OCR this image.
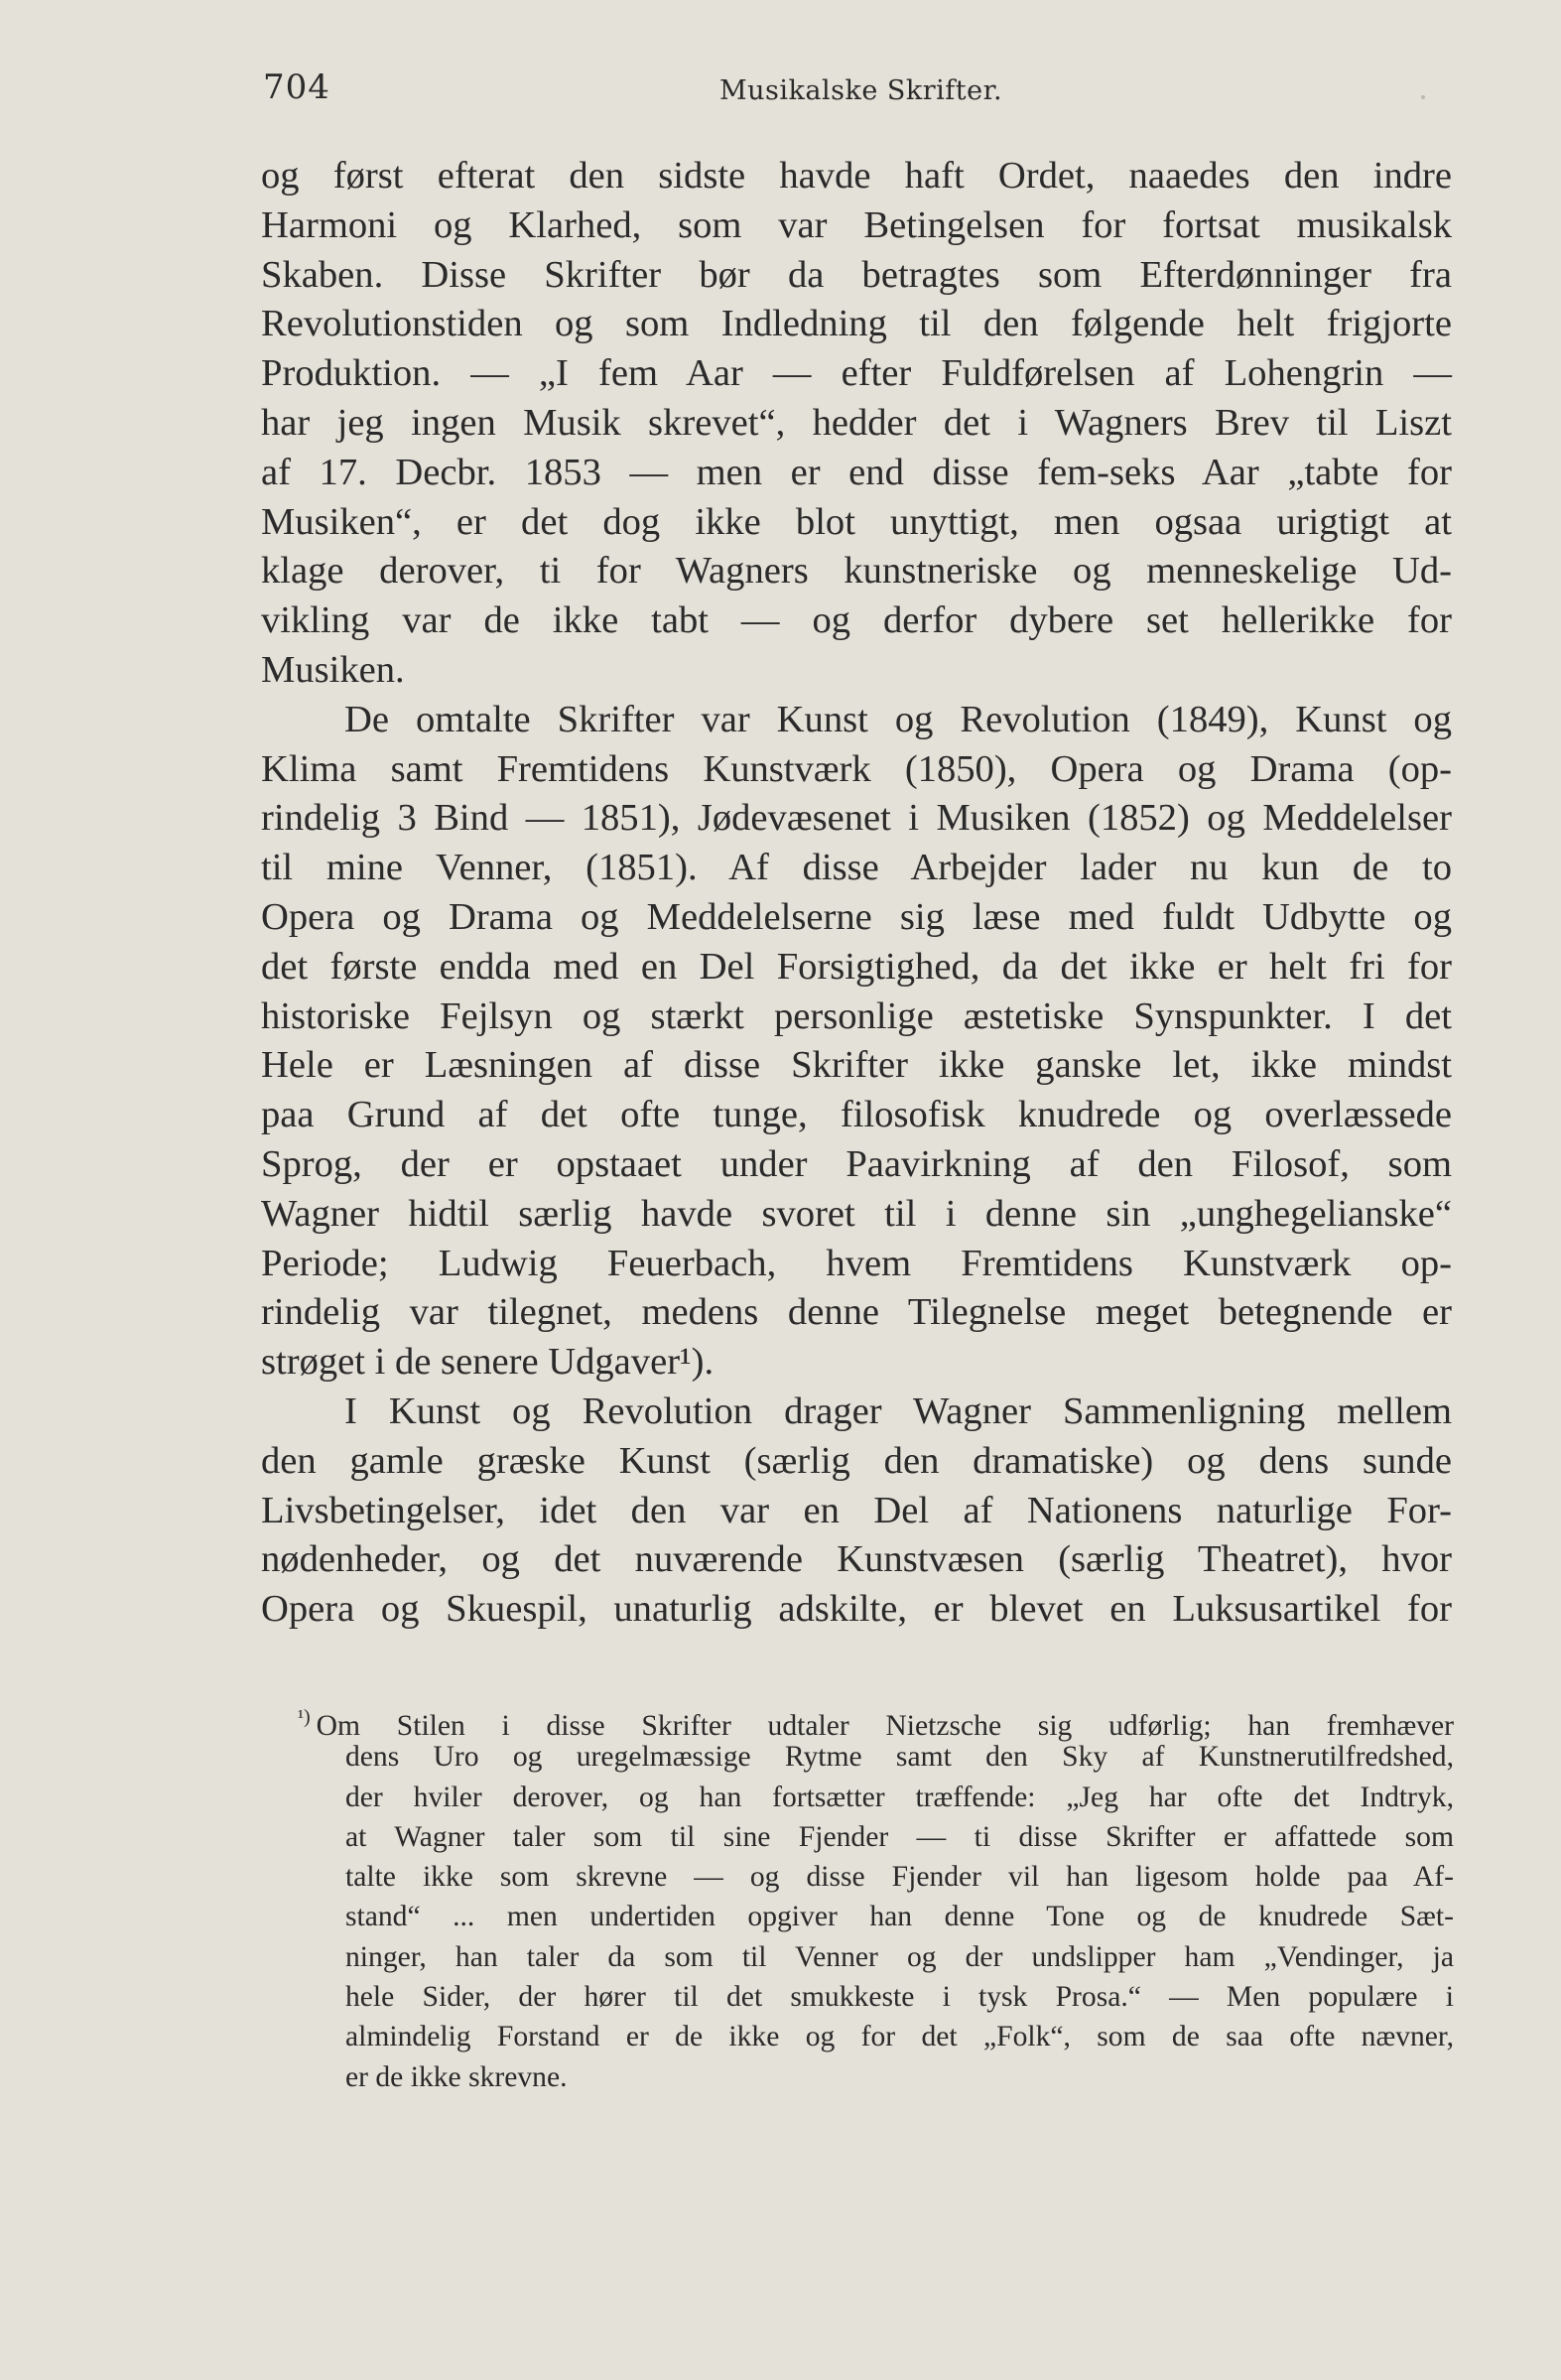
704	Musikalske Skrifter.
og først efterat den sidste havde haft Ordet, naaedes den indre
Harmoni og Klarhed, som var Betingelsen for fortsat musikalsk
Skaben. Disse Skrifter bør da betragtes som Efterdønninger fra
Revolutionstiden og som Indledning til den følgende helt frigjorte
Produktion. — „I fem Aar — efter Fuldførelsen af Lohengrin —
har jeg ingen Musik skrevet“, hedder det i Wagners Brev til Liszt
af 17. Decbr. 1853 — men er end disse fem-seks Aar „tabte for
Musiken“, er det dog ikke blot unyttigt, men ogsaa urigtigt at
klage derover, ti for Wagners kunstneriske og menneskelige Ud-
vikling var de ikke tabt — og derfor dybere set hellerikke for
Musiken.
De omtalte Skrifter var Kunst og Revolution (1849), Kunst og
Klima samt Fremtidens Kunstværk (1850), Opera og Drama (op-
rindelig 3 Bind — 1851), Jødevæsenet i Musiken (1852) og Meddelelser
til mine Venner, (1851). Af disse Arbejder lader nu kun de to
Opera og Drama og Meddelelserne sig læse med fuldt Udbytte og
det første endda med en Del Forsigtighed, da det ikke er helt fri for
historiske Fejlsyn og stærkt personlige æstetiske Synspunkter. I det
Hele er Læsningen af disse Skrifter ikke ganske let, ikke mindst
paa Grund af det ofte tunge, filosofisk knudrede og overlæssede
Sprog, der er opstaaet under Paavirkning af den Filosof, som
Wagner hidtil særlig havde svoret til i denne sin „unghegelianske“
Periode; Ludwig Feuerbach, hvem Fremtidens Kunstværk op-
rindelig var tilegnet, medens denne Tilegnelse meget betegnende er
strøget i de senere Udgaver¹).
I Kunst og Revolution drager Wagner Sammenligning mellem
den gamle græske Kunst (særlig den dramatiske) og dens sunde
Livsbetingelser, idet den var en Del af Nationens naturlige For-
nødenheder, og det nuværende Kunstvæsen (særlig Theatret), hvor
Opera og Skuespil, unaturlig adskilte, er blevet en Luksusartikel for
$^{^1)}$ Om Stilen i disse Skrifter udtaler Nietzsche sig udførlig; han fremhæver
dens Uro og uregelmæssige Rytme samt den Sky af Kunstnerutilfredshed,
der hviler derover, og han fortsætter træffende: „Jeg har ofte det Indtryk,
at Wagner taler som til sine Fjender — ti disse Skrifter er affattede som
talte ikke som skrevne — og disse Fjender vil han ligesom holde paa Af-
stand“ ... men undertiden opgiver han denne Tone og de knudrede Sæt-
ninger, han taler da som til Venner og der undslipper ham „Vendinger, ja
hele Sider, der hører til det smukkeste i tysk Prosa.“ — Men populære i
almindelig Forstand er de ikke og for det „Folk“, som de saa ofte nævner,
er de ikke skrevne.
